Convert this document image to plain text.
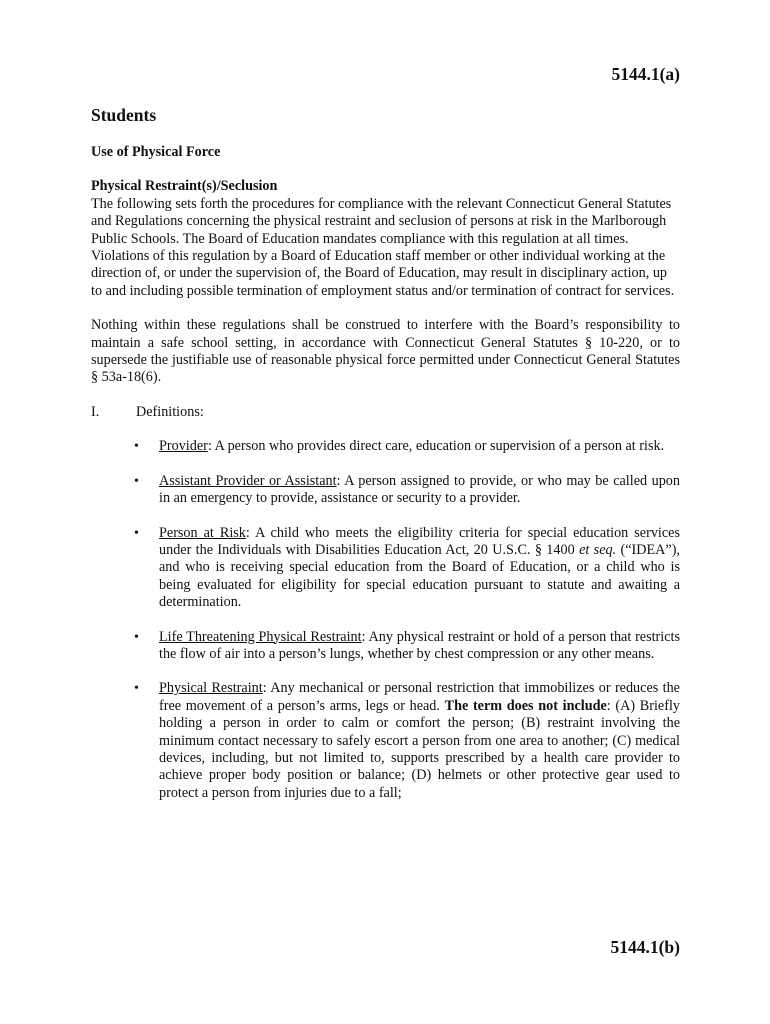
5144.1(a)
Students
Use of Physical Force
Physical Restraint(s)/Seclusion

The following sets forth the procedures for compliance with the relevant Connecticut General Statutes and Regulations concerning the physical restraint and seclusion of persons at risk in the Marlborough Public Schools. The Board of Education mandates compliance with this regulation at all times. Violations of this regulation by a Board of Education staff member or other individual working at the direction of, or under the supervision of, the Board of Education, may result in disciplinary action, up to and including possible termination of employment status and/or termination of contract for services.

Nothing within these regulations shall be construed to interfere with the Board’s responsibility to maintain a safe school setting, in accordance with Connecticut General Statutes § 10-220, or to supersede the justifiable use of reasonable physical force permitted under Connecticut General Statutes § 53a-18(6).

I.	Definitions:
• Provider: A person who provides direct care, education or supervision of a person at risk.
• Assistant Provider or Assistant: A person assigned to provide, or who may be called upon in an emergency to provide, assistance or security to a provider.
• Person at Risk: A child who meets the eligibility criteria for special education services under the Individuals with Disabilities Education Act, 20 U.S.C. § 1400 et seq. (“IDEA”), and who is receiving special education from the Board of Education, or a child who is being evaluated for eligibility for special education pursuant to statute and awaiting a determination.
• Life Threatening Physical Restraint: Any physical restraint or hold of a person that restricts the flow of air into a person’s lungs, whether by chest compression or any other means.
• Physical Restraint: Any mechanical or personal restriction that immobilizes or reduces the free movement of a person’s arms, legs or head. The term does not include: (A) Briefly holding a person in order to calm or comfort the person; (B) restraint involving the minimum contact necessary to safely escort a person from one area to another; (C) medical devices, including, but not limited to, supports prescribed by a health care provider to achieve proper body position or balance; (D) helmets or other protective gear used to protect a person from injuries due to a fall;
5144.1(b)
